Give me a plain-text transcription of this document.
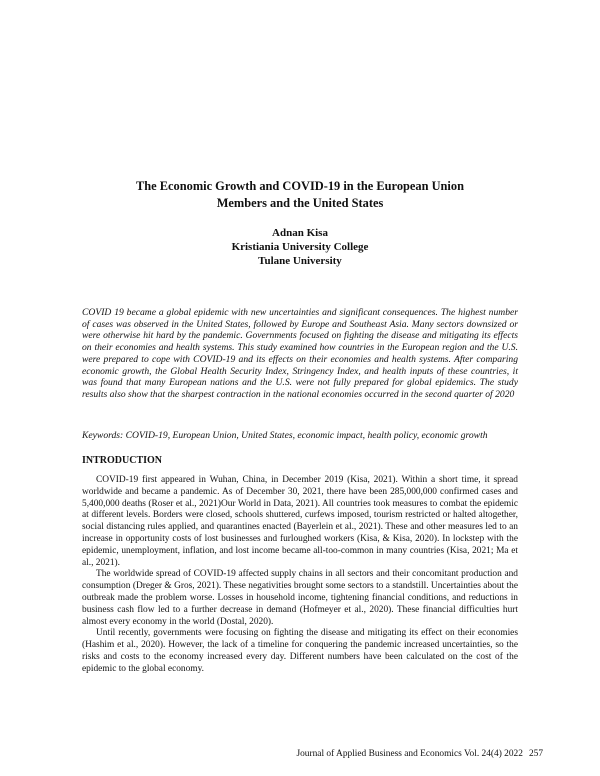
The Economic Growth and COVID-19 in the European Union
Members and the United States
Adnan Kisa
Kristiania University College
Tulane University
COVID 19 became a global epidemic with new uncertainties and significant consequences. The highest number of cases was observed in the United States, followed by Europe and Southeast Asia. Many sectors downsized or were otherwise hit hard by the pandemic. Governments focused on fighting the disease and mitigating its effects on their economies and health systems. This study examined how countries in the European region and the U.S. were prepared to cope with COVID-19 and its effects on their economies and health systems. After comparing economic growth, the Global Health Security Index, Stringency Index, and health inputs of these countries, it was found that many European nations and the U.S. were not fully prepared for global epidemics. The study results also show that the sharpest contraction in the national economies occurred in the second quarter of 2020
Keywords: COVID-19, European Union, United States, economic impact, health policy, economic growth
INTRODUCTION

COVID-19 first appeared in Wuhan, China, in December 2019 (Kisa, 2021). Within a short time, it spread worldwide and became a pandemic. As of December 30, 2021, there have been 285,000,000 confirmed cases and 5,400,000 deaths (Roser et al., 2021)Our World in Data, 2021). All countries took measures to combat the epidemic at different levels. Borders were closed, schools shuttered, curfews imposed, tourism restricted or halted altogether, social distancing rules applied, and quarantines enacted (Bayerlein et al., 2021). These and other measures led to an increase in opportunity costs of lost businesses and furloughed workers (Kisa, & Kisa, 2020). In lockstep with the epidemic, unemployment, inflation, and lost income became all-too-common in many countries (Kisa, 2021; Ma et al., 2021).

The worldwide spread of COVID-19 affected supply chains in all sectors and their concomitant production and consumption (Dreger & Gros, 2021). These negativities brought some sectors to a standstill. Uncertainties about the outbreak made the problem worse. Losses in household income, tightening financial conditions, and reductions in business cash flow led to a further decrease in demand (Hofmeyer et al., 2020). These financial difficulties hurt almost every economy in the world (Dostal, 2020).

Until recently, governments were focusing on fighting the disease and mitigating its effect on their economies (Hashim et al., 2020). However, the lack of a timeline for conquering the pandemic increased uncertainties, so the risks and costs to the economy increased every day. Different numbers have been calculated on the cost of the epidemic to the global economy.

Journal of Applied Business and Economics Vol. 24(4) 2022 257
